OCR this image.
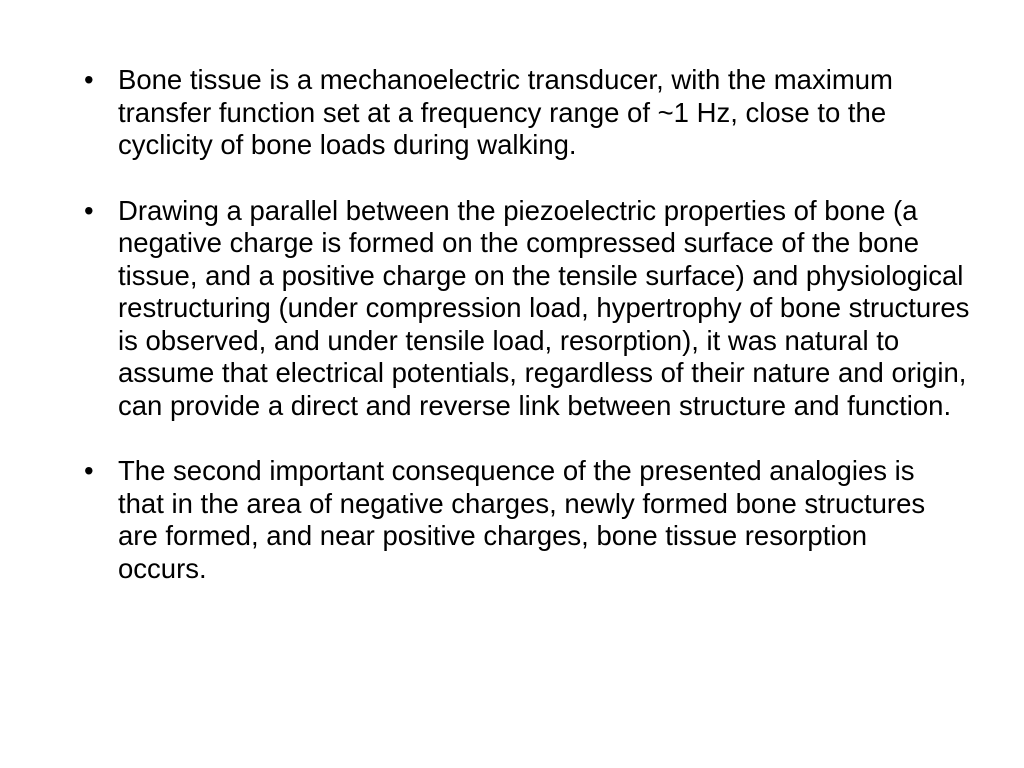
• Bone tissue is a mechanoelectric transducer, with the maximum transfer function set at a frequency range of ~1 Hz, close to the cyclicity of bone loads during walking.
• Drawing a parallel between the piezoelectric properties of bone (a negative charge is formed on the compressed surface of the bone tissue, and a positive charge on the tensile surface) and physiological restructuring (under compression load, hypertrophy of bone structures is observed, and under tensile load, resorption), it was natural to assume that electrical potentials, regardless of their nature and origin, can provide a direct and reverse link between structure and function.
• The second important consequence of the presented analogies is that in the area of negative charges, newly formed bone structures are formed, and near positive charges, bone tissue resorption occurs.
